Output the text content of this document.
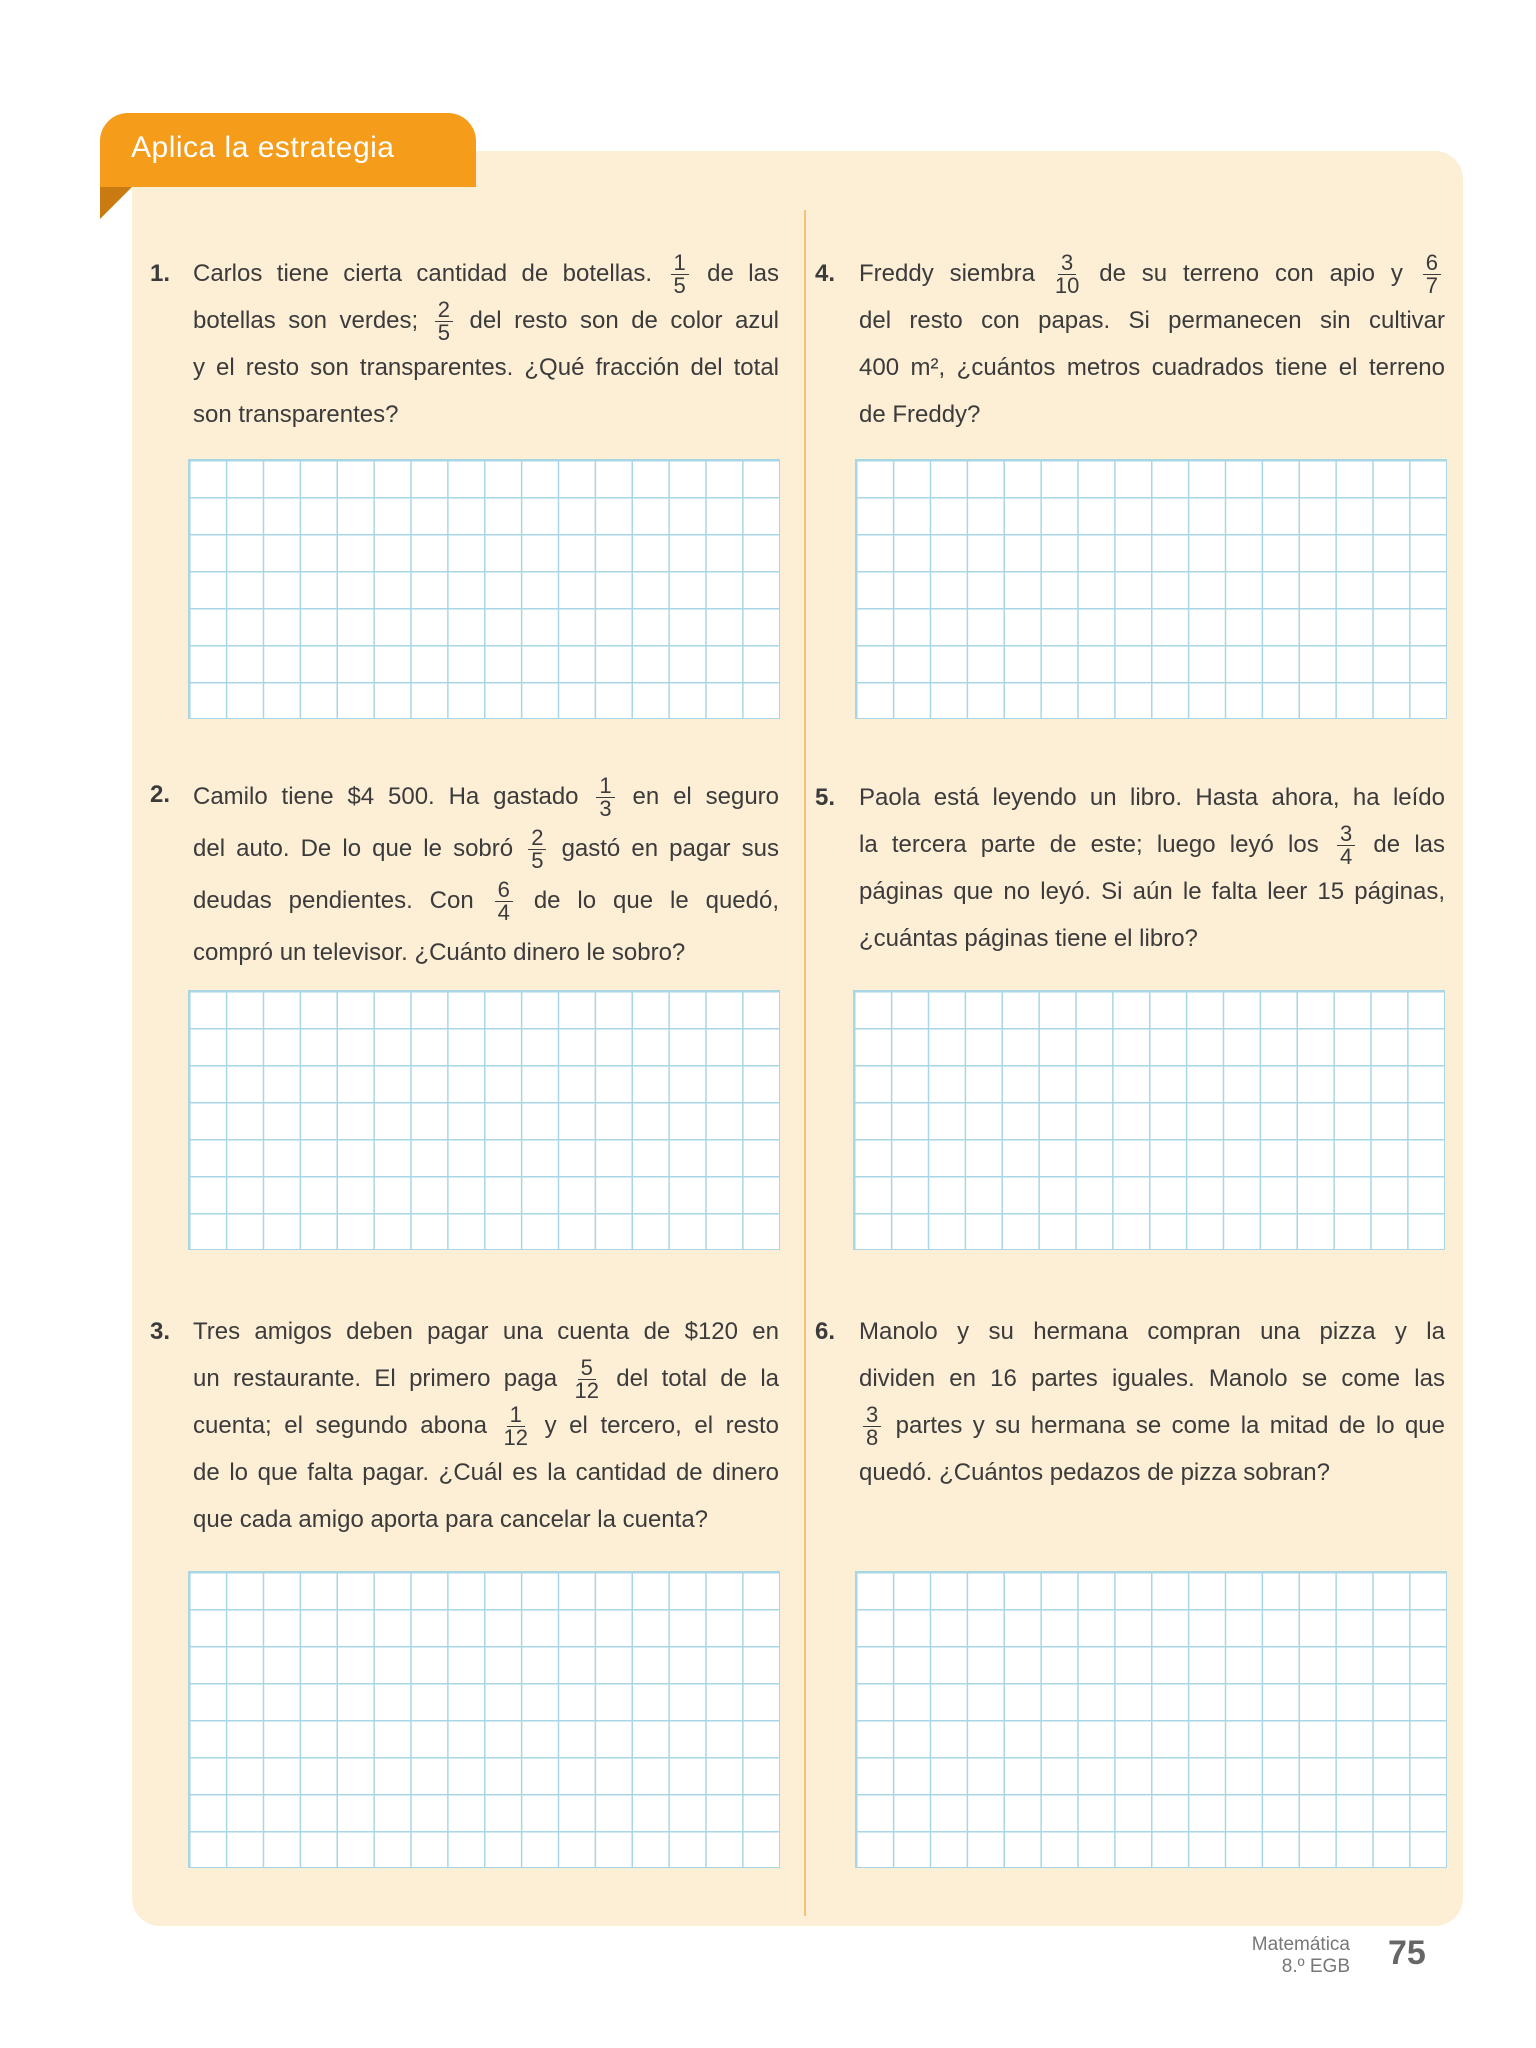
Aplica la estrategia
1. Carlos tiene cierta cantidad de botellas. $\frac{1}{5}$ de las
botellas son verdes; $\frac{2}{5}$ del resto son de color azul
y el resto son transparentes. ¿Qué fracción del total
son transparentes?
2. Camilo tiene $4 500. Ha gastado $\frac{1}{3}$ en el seguro
del auto. De lo que le sobró $\frac{2}{5}$ gastó en pagar sus
deudas pendientes. Con $\frac{6}{4}$ de lo que le quedó,
compró un televisor. ¿Cuánto dinero le sobro?
3. Tres amigos deben pagar una cuenta de $120 en
un restaurante. El primero paga $\frac{5}{12}$ del total de la
cuenta; el segundo abona $\frac{1}{12}$ y el tercero, el resto
de lo que falta pagar. ¿Cuál es la cantidad de dinero
que cada amigo aporta para cancelar la cuenta?
4. Freddy siembra $\frac{3}{10}$ de su terreno con apio y $\frac{6}{7}$
del resto con papas. Si permanecen sin cultivar
400 m², ¿cuántos metros cuadrados tiene el terreno
de Freddy?
5. Paola está leyendo un libro. Hasta ahora, ha leído
la tercera parte de este; luego leyó los $\frac{3}{4}$ de las
páginas que no leyó. Si aún le falta leer 15 páginas,
¿cuántas páginas tiene el libro?
6. Manolo y su hermana compran una pizza y la
dividen en 16 partes iguales. Manolo se come las
$\frac{3}{8}$ partes y su hermana se come la mitad de lo que
quedó. ¿Cuántos pedazos de pizza sobran?
Matemática
8.º EGB 75
